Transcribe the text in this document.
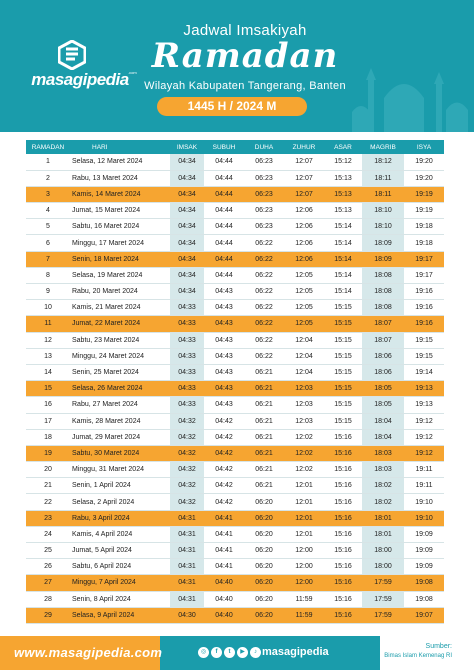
masagipedia .com
Jadwal Imsakiyah
Ramadan
Wilayah Kabupaten Tangerang, Banten
1445 H / 2024 M
RAMADAN	HARI	IMSAK	SUBUH	DUHA	ZUHUR	ASAR	MAGRIB	ISYA
1	Selasa, 12 Maret 2024	04:34	04:44	06:23	12:07	15:12	18:12	19:20
2	Rabu, 13 Maret 2024	04:34	04:44	06:23	12:07	15:13	18:11	19:20
3	Kamis, 14 Maret 2024	04:34	04:44	06:23	12:07	15:13	18:11	19:19
4	Jumat, 15 Maret 2024	04:34	04:44	06:23	12:06	15:13	18:10	19:19
5	Sabtu, 16 Maret 2024	04:34	04:44	06:23	12:06	15:14	18:10	19:18
6	Minggu, 17 Maret 2024	04:34	04:44	06:22	12:06	15:14	18:09	19:18
7	Senin, 18 Maret 2024	04:34	04:44	06:22	12:06	15:14	18:09	19:17
8	Selasa, 19 Maret 2024	04:34	04:44	06:22	12:05	15:14	18:08	19:17
9	Rabu, 20 Maret 2024	04:34	04:43	06:22	12:05	15:14	18:08	19:16
10	Kamis, 21 Maret 2024	04:33	04:43	06:22	12:05	15:15	18:08	19:16
11	Jumat, 22 Maret 2024	04:33	04:43	06:22	12:05	15:15	18:07	19:16
12	Sabtu, 23 Maret 2024	04:33	04:43	06:22	12:04	15:15	18:07	19:15
13	Minggu, 24 Maret 2024	04:33	04:43	06:22	12:04	15:15	18:06	19:15
14	Senin, 25 Maret 2024	04:33	04:43	06:21	12:04	15:15	18:06	19:14
15	Selasa, 26 Maret 2024	04:33	04:43	06:21	12:03	15:15	18:05	19:13
16	Rabu, 27 Maret 2024	04:33	04:43	06:21	12:03	15:15	18:05	19:13
17	Kamis, 28 Maret 2024	04:32	04:42	06:21	12:03	15:15	18:04	19:12
18	Jumat, 29 Maret 2024	04:32	04:42	06:21	12:02	15:16	18:04	19:12
19	Sabtu, 30 Maret 2024	04:32	04:42	06:21	12:02	15:16	18:03	19:12
20	Minggu, 31 Maret 2024	04:32	04:42	06:21	12:02	15:16	18:03	19:11
21	Senin, 1 April 2024	04:32	04:42	06:21	12:01	15:16	18:02	19:11
22	Selasa, 2 April 2024	04:32	04:42	06:20	12:01	15:16	18:02	19:10
23	Rabu, 3 April 2024	04:31	04:41	06:20	12:01	15:16	18:01	19:10
24	Kamis, 4 April 2024	04:31	04:41	06:20	12:01	15:16	18:01	19:09
25	Jumat, 5 April 2024	04:31	04:41	06:20	12:00	15:16	18:00	19:09
26	Sabtu, 6 April 2024	04:31	04:41	06:20	12:00	15:16	18:00	19:09
27	Minggu, 7 April 2024	04:31	04:40	06:20	12:00	15:16	17:59	19:08
28	Senin, 8 April 2024	04:31	04:40	06:20	11:59	15:16	17:59	19:08
29	Selasa, 9 April 2024	04:30	04:40	06:20	11:59	15:16	17:59	19:07
www.masagipedia.com	◎	f	t	▶	♪ masagipedia	Sumber:
Bimas Islam Kemenag RI
